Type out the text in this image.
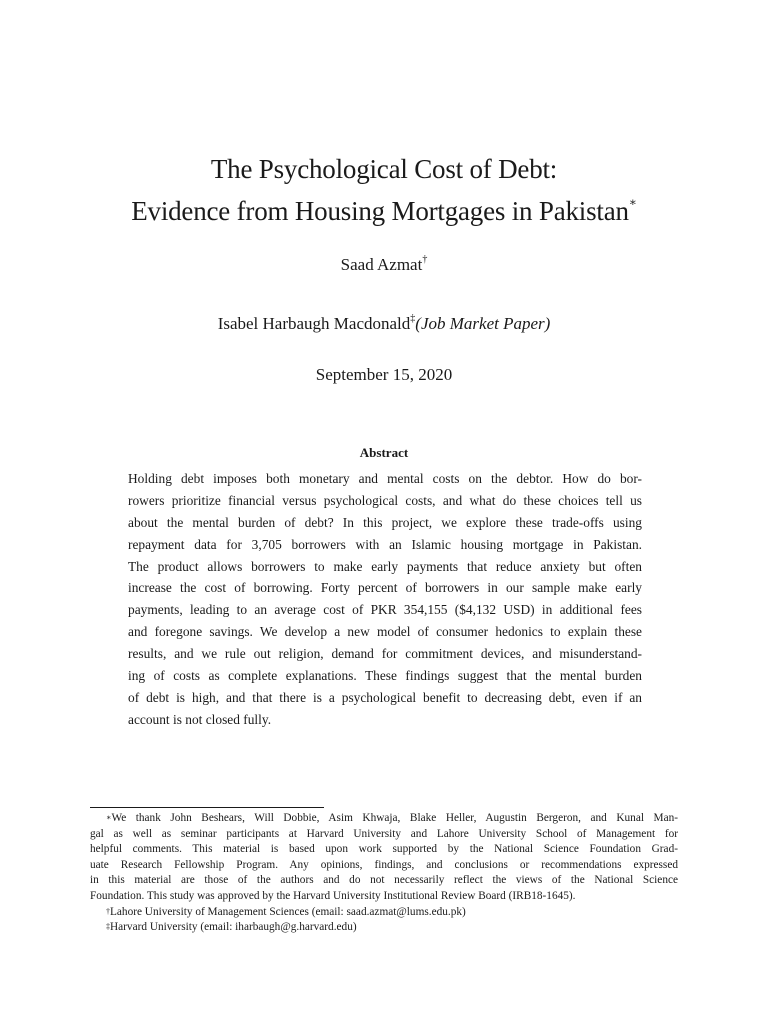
The Psychological Cost of Debt:
Evidence from Housing Mortgages in Pakistan∗
Saad Azmat†
Isabel Harbaugh Macdonald‡(Job Market Paper)
September 15, 2020
Abstract
Holding debt imposes both monetary and mental costs on the debtor. How do bor-
rowers prioritize financial versus psychological costs, and what do these choices tell us
about the mental burden of debt? In this project, we explore these trade-offs using
repayment data for 3,705 borrowers with an Islamic housing mortgage in Pakistan.
The product allows borrowers to make early payments that reduce anxiety but often
increase the cost of borrowing. Forty percent of borrowers in our sample make early
payments, leading to an average cost of PKR 354,155 ($4,132 USD) in additional fees
and foregone savings. We develop a new model of consumer hedonics to explain these
results, and we rule out religion, demand for commitment devices, and misunderstand-
ing of costs as complete explanations. These findings suggest that the mental burden
of debt is high, and that there is a psychological benefit to decreasing debt, even if an
account is not closed fully.
∗We thank John Beshears, Will Dobbie, Asim Khwaja, Blake Heller, Augustin Bergeron, and Kunal Man-
gal as well as seminar participants at Harvard University and Lahore University School of Management for
helpful comments. This material is based upon work supported by the National Science Foundation Grad-
uate Research Fellowship Program. Any opinions, findings, and conclusions or recommendations expressed
in this material are those of the authors and do not necessarily reflect the views of the National Science
Foundation. This study was approved by the Harvard University Institutional Review Board (IRB18-1645).
†Lahore University of Management Sciences (email: saad.azmat@lums.edu.pk)
‡Harvard University (email: iharbaugh@g.harvard.edu)
